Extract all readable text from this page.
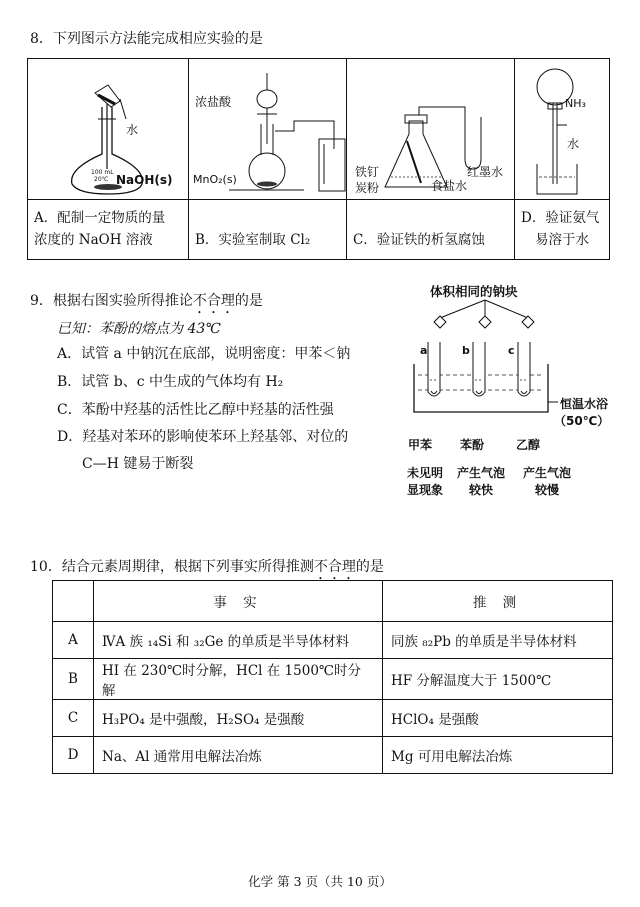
8．下列图示方法能完成相应实验的是
水
NaOH(s)
100 mL
20℃
A．配制一定物质的量
浓度的 NaOH 溶液
浓盐酸
MnO₂(s)
B．实验室制取 Cl₂
铁钉
炭粉	食盐水
红墨水
C．验证铁的析氢腐蚀
NH₃
水
D．验证氨气
易溶于水
9．根据右图实验所得推论不合理的是
已知：苯酚的熔点为 43℃
A．试管 a 中钠沉在底部，说明密度：甲苯＜钠
B．试管 b、c 中生成的气体均有 H₂
C．苯酚中羟基的活性比乙醇中羟基的活性强
D．羟基对苯环的影响使苯环上羟基邻、对位的
C—H 键易于断裂
体积相同的钠块
a	b	c
恒温水浴
（50℃）
甲苯 苯酚	乙醇
未见明
显现象
产生气泡
较快
产生气泡
较慢
10．结合元素周期律，根据下列事实所得推测不合理的是
	事 实	推 测
A	ⅣA 族 ₁₄Si 和 ₃₂Ge 的单质是半导体材料	同族 ₈₂Pb 的单质是半导体材料
B	HI 在 230℃时分解，HCl 在 1500℃时分解	HF 分解温度大于 1500℃
C	H₃PO₄ 是中强酸，H₂SO₄ 是强酸	HClO₄ 是强酸
D	Na、Al 通常用电解法冶炼	Mg 可用电解法冶炼
化学 第 3 页（共 10 页）
